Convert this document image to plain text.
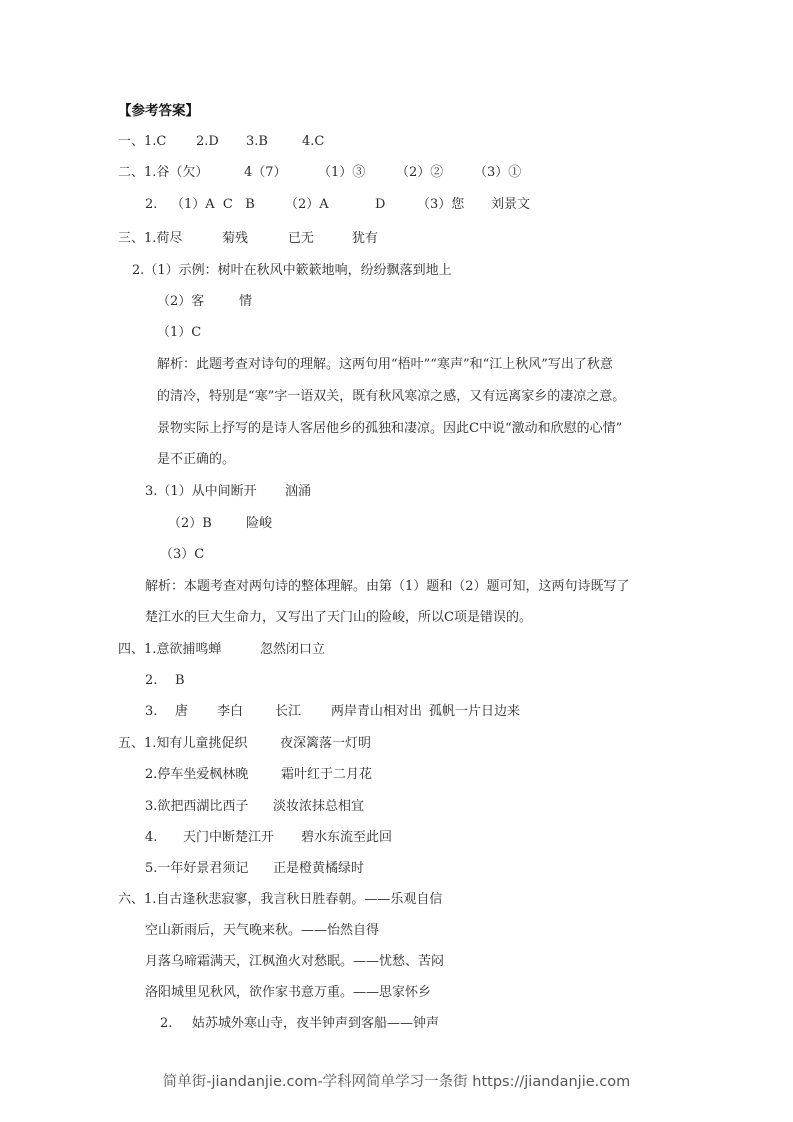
【参考答案】
一、1.C 2.D 3.B	4.C
二、1.谷（欠）	4（7） （1）③ （2）② （3）①
2. （1）A  C   B （2）A	D （3）您 刘景文
三、1.荷尽	菊残	已无	犹有
2.（1）示例：树叶在秋风中簌簌地响，纷纷飘落到地上
（2）客	情
（1）C
解析：此题考查对诗句的理解。这两句用“梧叶”“寒声”和“江上秋风”写出了秋意
的清冷，特别是“寒”字一语双关，既有秋风寒凉之感，又有远离家乡的凄凉之意。
景物实际上抒写的是诗人客居他乡的孤独和凄凉。因此C中说“激动和欣慰的心情”
是不正确的。
3.（1）从中间断开 汹涌
（2）B	险峻
（3）C
解析：本题考查对两句诗的整体理解。由第（1）题和（2）题可知，这两句诗既写了
楚江水的巨大生命力，又写出了天门山的险峻，所以C项是错误的。
四、1.意欲捕鸣蝉	忽然闭口立
2. B
3. 唐 李白 长江 两岸青山相对出 孤帆一片日边来
五、1.知有儿童挑促织	夜深篱落一灯明
2.停车坐爱枫林晚	霜叶红于二月花
3.欲把西湖比西子 淡妆浓抹总相宜
4. 天门中断楚江开 碧水东流至此回
5.一年好景君须记 正是橙黄橘绿时
六、1.自古逢秋悲寂寥，我言秋日胜春朝。——乐观自信
空山新雨后，天气晚来秋。——怡然自得
月落乌啼霜满天，江枫渔火对愁眠。——忧愁、苦闷
洛阳城里见秋风，欲作家书意万重。——思家怀乡
2. 姑苏城外寒山寺，夜半钟声到客船——钟声
简单街-jiandanjie.com-学科网简单学习一条街 https://jiandanjie.com
